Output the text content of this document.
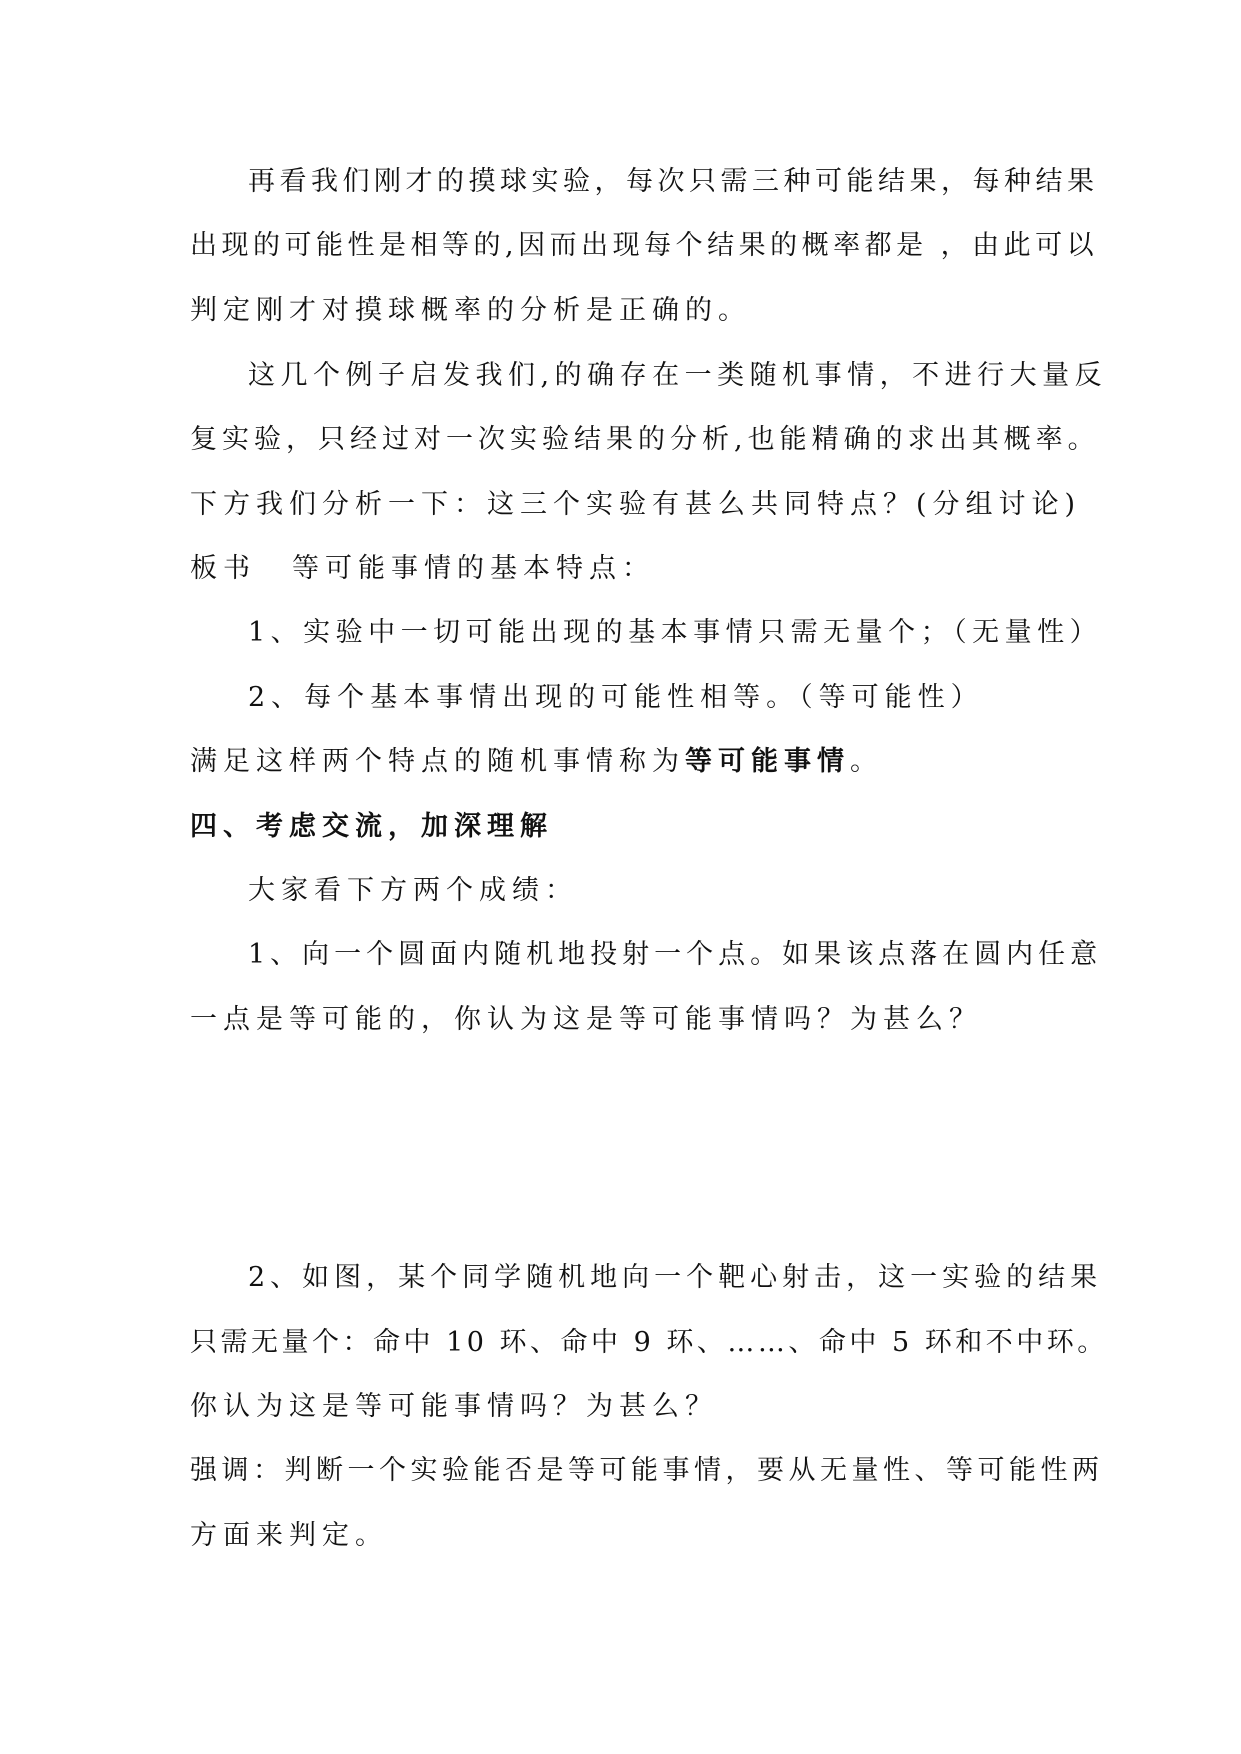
再看我们刚才的摸球实验，每次只需三种可能结果，每种结果
出现的可能性是相等的,因而出现每个结果的概率都是 ，由此可以
判定刚才对摸球概率的分析是正确的。
这几个例子启发我们,的确存在一类随机事情，不进行大量反
复实验，只经过对一次实验结果的分析,也能精确的求出其概率。
下方我们分析一下：这三个实验有甚么共同特点？(分组讨论)
板书 等可能事情的基本特点：
1、实验中一切可能出现的基本事情只需无量个；（无量性）
2、每个基本事情出现的可能性相等。（等可能性）
满足这样两个特点的随机事情称为等可能事情。
四、考虑交流，加深理解
大家看下方两个成绩：
1、向一个圆面内随机地投射一个点。如果该点落在圆内任意
一点是等可能的，你认为这是等可能事情吗？为甚么？
2、如图，某个同学随机地向一个靶心射击，这一实验的结果
只需无量个：命中 10 环、命中 9 环、……、命中 5 环和不中环。
你认为这是等可能事情吗？为甚么？
强调：判断一个实验能否是等可能事情，要从无量性、等可能性两
方面来判定。
